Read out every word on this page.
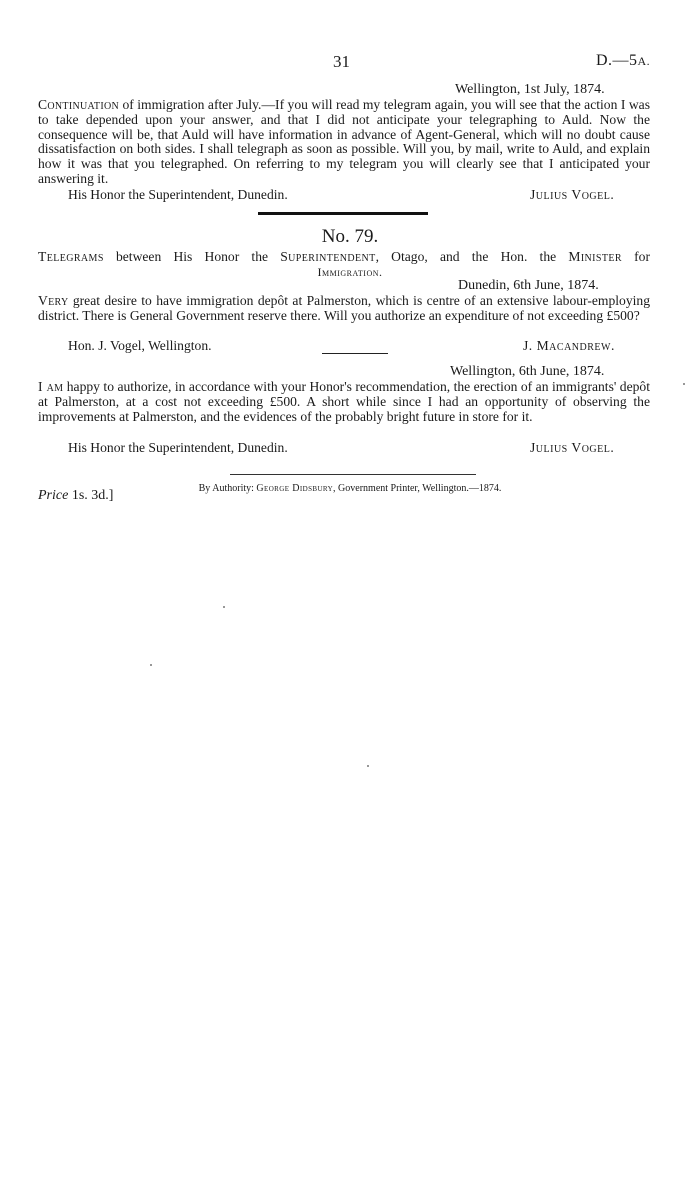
31	D.—5A.
Wellington, 1st July, 1874.

Continuation of immigration after July.—If you will read my telegram again, you will see that the action I was to take depended upon your answer, and that I did not anticipate your telegraphing to Auld. Now the consequence will be, that Auld will have information in advance of Agent-General, which will no doubt cause dissatisfaction on both sides. I shall telegraph as soon as possible. Will you, by mail, write to Auld, and explain how it was that you telegraphed. On referring to my telegram you will clearly see that I anticipated your answering it.

His Honor the Superintendent, Dunedin.	Julius Vogel.
No. 79.

Telegrams between His Honor the Superintendent, Otago, and the Hon. the Minister for

Immigration.
Dunedin, 6th June, 1874.

Very great desire to have immigration depôt at Palmerston, which is centre of an extensive labour-employing district. There is General Government reserve there. Will you authorize an expenditure of not exceeding £500?

Hon. J. Vogel, Wellington.	J. Macandrew.
Wellington, 6th June, 1874.

I am happy to authorize, in accordance with your Honor's recommendation, the erection of an immigrants' depôt at Palmerston, at a cost not exceeding £500. A short while since I had an opportunity of observing the improvements at Palmerston, and the evidences of the probably bright future in store for it.

His Honor the Superintendent, Dunedin.	Julius Vogel.
By Authority: George Didsbury, Government Printer, Wellington.—1874.
Price 1s. 3d.]
